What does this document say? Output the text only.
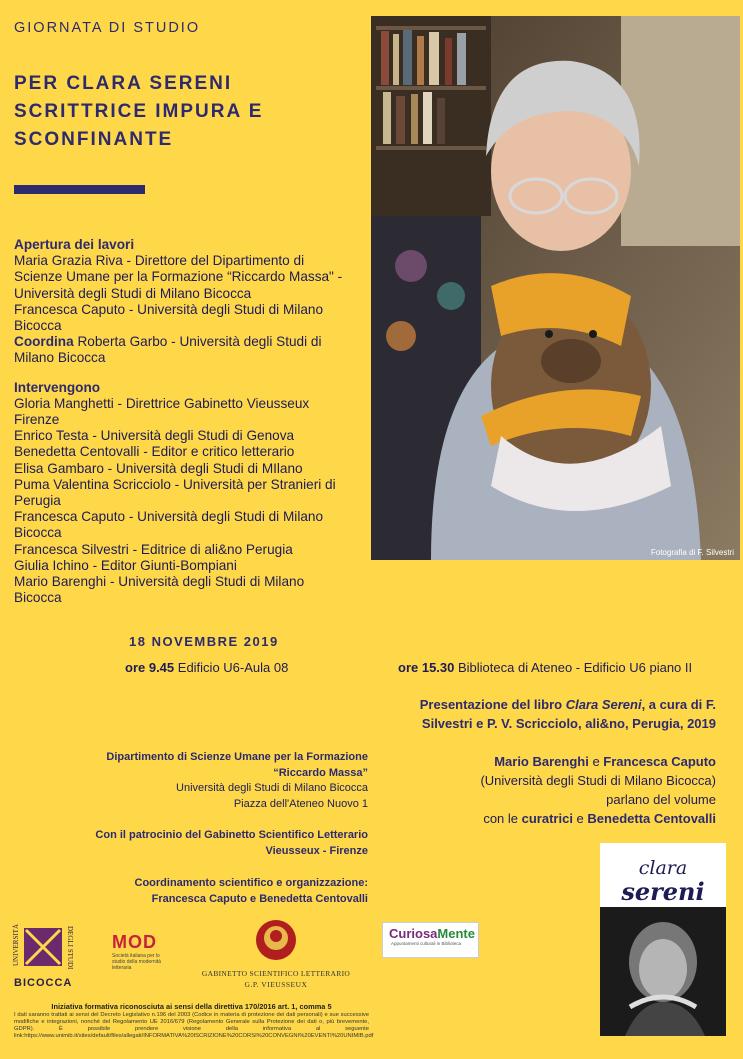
GIORNATA DI STUDIO
PER CLARA SERENI
SCRITTRICE IMPURA E
SCONFINANTE
Apertura dei lavori
Maria Grazia Riva - Direttore del Dipartimento di
Scienze Umane per la Formazione “Riccardo Massa" -
Università degli Studi di Milano Bicocca
Francesca Caputo - Università degli Studi di Milano
Bicocca
Coordina Roberta Garbo - Università degli Studi di
Milano Bicocca
Intervengono
Gloria Manghetti - Direttrice Gabinetto Vieusseux
Firenze
Enrico Testa - Università degli Studi di Genova
Benedetta Centovalli - Editor e critico letterario
Elisa Gambaro - Università degli Studi di MIlano
Puma Valentina Scricciolo - Università per Stranieri di
Perugia
Francesca Caputo - Università degli Studi di Milano
Bicocca
Francesca Silvestri - Editrice di ali&no Perugia
Giulia Ichino - Editor Giunti-Bompiani
Mario Barenghi - Università degli Studi di Milano
Bicocca
Fotografia di F. Silvestri
18 NOVEMBRE 2019
ore 9.45 Edificio U6-Aula 08	ore 15.30 Biblioteca di Ateneo - Edificio U6 piano II
Presentazione del libro Clara Sereni, a cura di F. Silvestri e P. V. Scricciolo, ali&no, Perugia, 2019
Mario Barenghi e Francesca Caputo
(Università degli Studi di Milano Bicocca)
parlano del volume
con le curatrici e Benedetta Centovalli
Dipartimento di Scienze Umane per la Formazione
“Riccardo Massa”
Università degli Studi di Milano Bicocca
Piazza dell'Ateneo Nuovo 1
Con il patrocinio del Gabinetto Scientifico Letterario
Vieusseux - Firenze
Coordinamento scientifico e organizzazione:
Francesca Caputo e Benedetta Centovalli
clara
sereni
UNIVERSITÀ	DEGLI STUDI
BICOCCA
MOD
Società italiana per lo studio della modernità letteraria
GABINETTO SCIENTIFICO LETTERARIO
G.P. VIEUSSEUX
CuriosaMente
Appuntamenti culturali in Biblioteca
Iniziativa formativa riconosciuta ai sensi della direttiva 170/2016 art. 1, comma 5
I dati saranno trattati ai sensi del Decreto Legislativo n.196 del 2003 (Codice in materia di protezione dei dati personali) e sue successive modifiche e integrazioni, nonché del Regolamento UE 2016/679 (Regolamento Generale sulla Protezione dei dati o, più brevemente, GDPR). È possibile prendere visione della informativa al seguente link:https://www.unimib.it/sites/default/files/allegati/INFORMATIVA%20ISCRIZIONE%20CORSI%20CONVEGNI%20EVENTI%20UNIMIB.pdf
